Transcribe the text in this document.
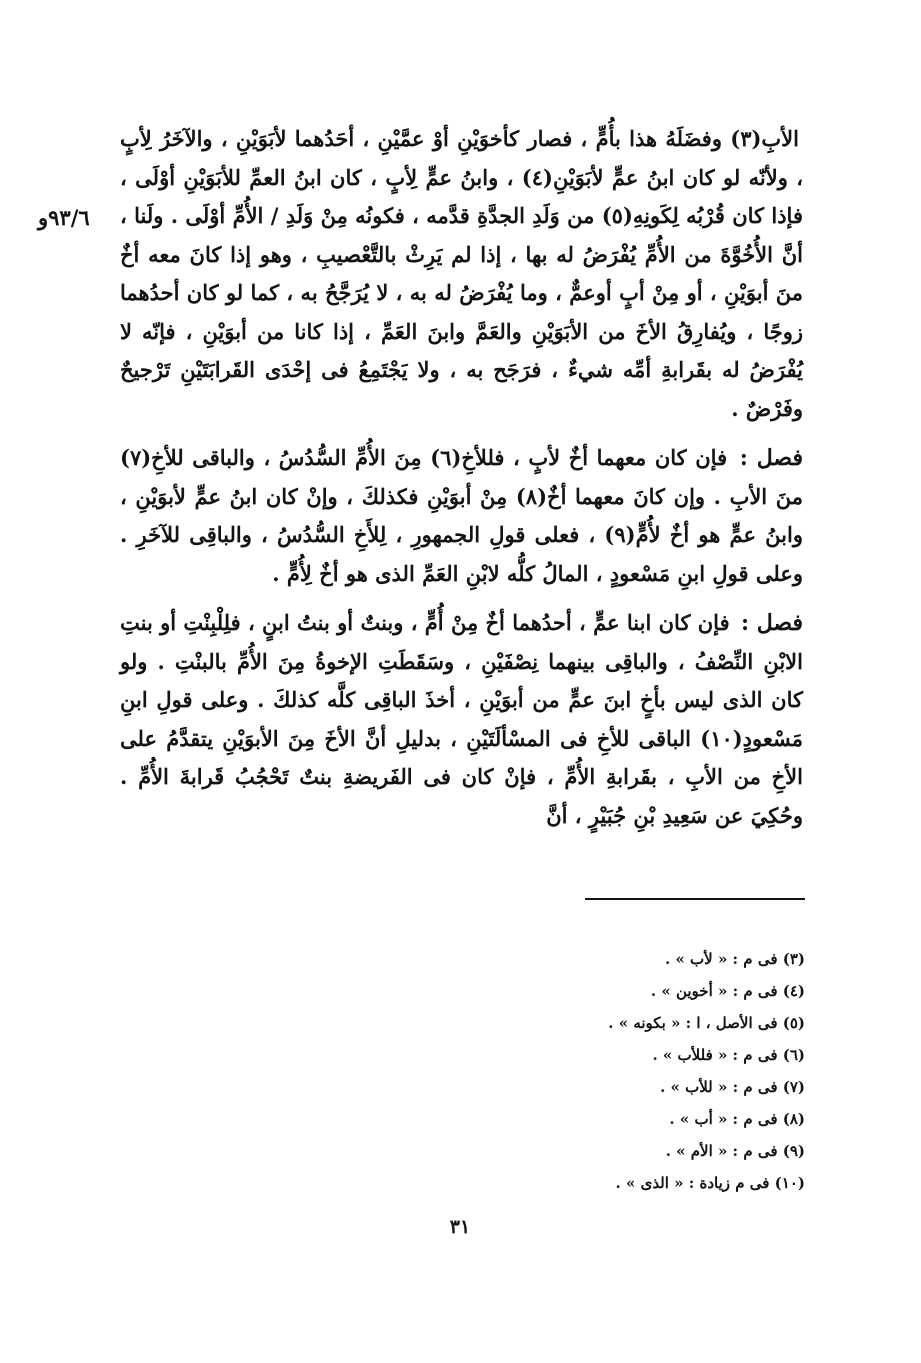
٩٣/٦و

الأبِ(٣) وفضَلَهُ هذا بأُمٍّ ، فصار كأخوَيْنِ أوْ عمَّيْنِ ، أحَدُهما لأبَوَيْنِ ، والآخَرُ لِأبٍ ، ولأنّه لو كان ابنُ عمٍّ لأبَوَيْنِ(٤) ، وابنُ عمٍّ لِأبٍ ، كان ابنُ العمِّ للأبَوَيْنِ أوْلَى ، فإذا كان قُرْبُه لِكَونِهِ(٥) من وَلَدِ الجدَّةِ قدَّمه ، فكونُه مِنْ وَلَدِ / الأُمِّ أوْلَى . ولَنا ، أنَّ الأُخُوَّةَ من الأُمِّ يُفْرَضُ له بها ، إذا لم يَرِثْ بالتَّعْصيبِ ، وهو إذا كانَ معه أخٌ منَ أبوَيْنِ ، أو مِنْ أبٍ أوعمٌّ ، وما يُفْرَضُ له به ، لا يُرَجَّحُ به ، كما لو كان أحدُهما زوجًا ، ويُفارِقُ الأخَ من الأبَوَيْنِ والعَمَّ وابنَ العَمِّ ، إذا كانا من أبوَيْنِ ، فإنّه لا يُفْرَضُ له بقَرابةِ أمِّه شيءٌ ، فرَجَح به ، ولا يَجْتَمِعُ فى إحْدَى القَرابَتَيْنِ تَرْجيحٌ وفَرْضٌ .

فصل : فإن كان معهما أخٌ لأبٍ ، فللأخِ(٦) مِنَ الأُمِّ السُّدُسُ ، والباقى للأخِ(٧) منَ الأبِ . وإن كانَ معهما أخٌ(٨) مِنْ أبوَيْنِ فكذلكَ ، وإنْ كان ابنُ عمٍّ لأبوَيْنِ ، وابنُ عمٍّ هو أخٌ لأُمٍّ(٩) ، فعلى قولِ الجمهورِ ، لِلأَخِ السُّدُسُ ، والباقِى للآخَرِ . وعلى قولِ ابنِ مَسْعودٍ ، المالُ كلُّه لابْنِ العَمِّ الذى هو أخٌ لِأُمٍّ .

فصل : فإن كان ابنا عمٍّ ، أحدُهما أخٌ مِنْ أُمٍّ ، وبنتٌ أو بنتُ ابنٍ ، فلِلْبِنْتِ أو بنتِ الابْنِ النِّصْفُ ، والباقِى بينهما نِصْفَيْنِ ، وسَقَطَتِ الإخوةُ مِنَ الأُمِّ بالبنْتِ . ولو كان الذى ليس بأخٍ ابنَ عمٍّ من أبوَيْنِ ، أخذَ الباقِى كلَّه كذلكَ . وعلى قولِ ابنِ مَسْعودٍ(١٠) الباقى للأخِ فى المسْألَتَيْنِ ، بدليلِ أنَّ الأخَ مِنَ الأبوَيْنِ يتقدَّمُ على الأخِ من الأبِ ، بقَرابةِ الأُمِّ ، فإنْ كان فى الفَريضةِ بنتٌ تَحْجُبُ قَرابةَ الأُمِّ . وحُكِيَ عن سَعِيدِ بْنِ جُبَيْرٍ ، أنَّ

(٣) فى م : « لأب » .
(٤) فى م : « أخوين » .
(٥) فى الأصل ، ا : « بكونه » .
(٦) فى م : « فللأب » .
(٧) فى م : « للأب » .
(٨) فى م : « أب » .
(٩) فى م : « الأم » .
(١٠) فى م زيادة : « الذى » .
٣١
